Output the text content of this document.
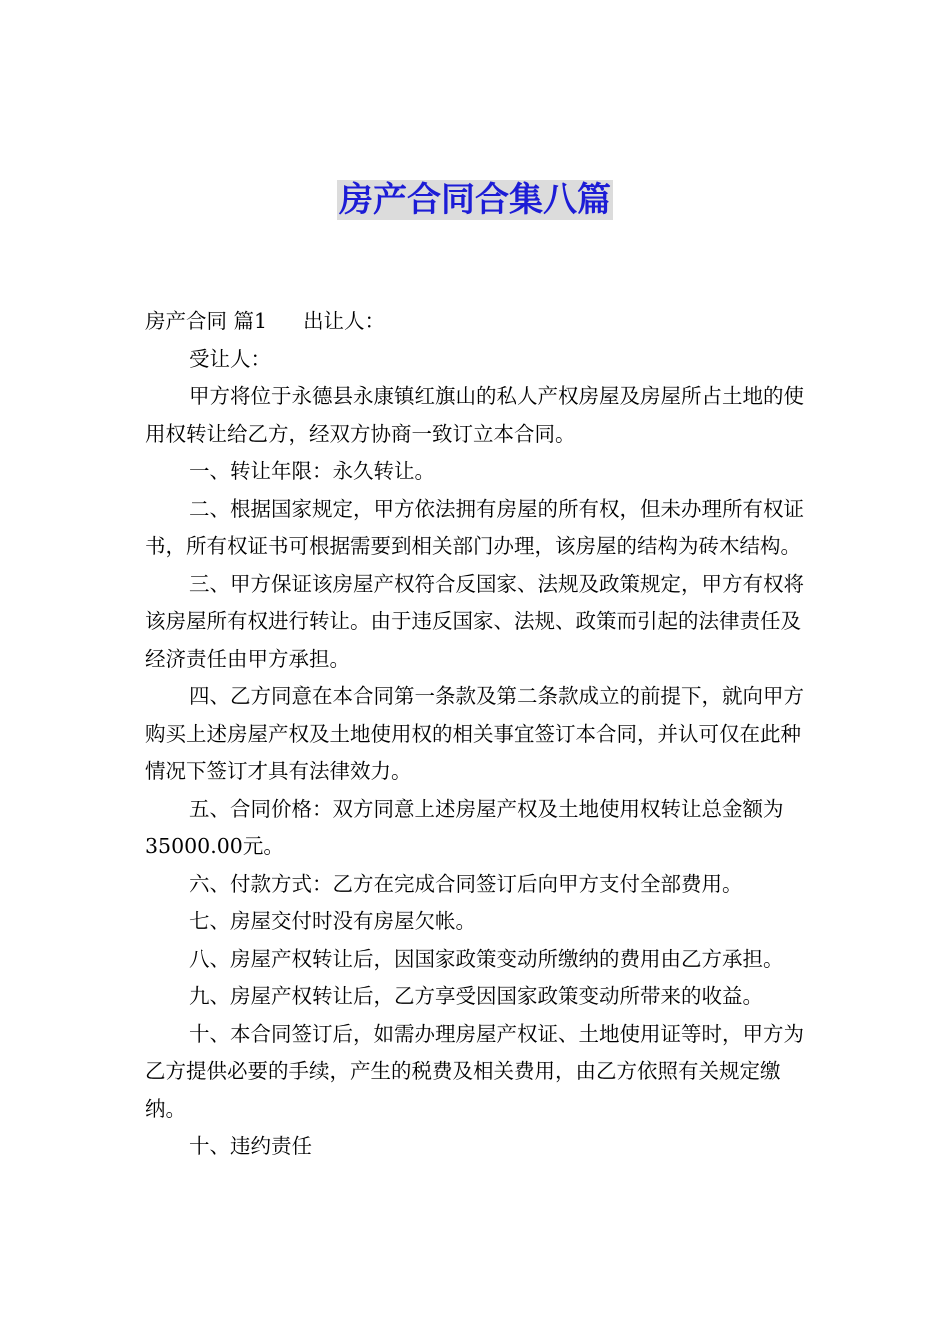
房产合同合集八篇

房产合同 篇1 出让人：

受让人：

甲方将位于永德县永康镇红旗山的私人产权房屋及房屋所占土地的使用权转让给乙方，经双方协商一致订立本合同。

一、转让年限：永久转让。

二、根据国家规定，甲方依法拥有房屋的所有权，但未办理所有权证书，所有权证书可根据需要到相关部门办理，该房屋的结构为砖木结构。

三、甲方保证该房屋产权符合反国家、法规及政策规定，甲方有权将该房屋所有权进行转让。由于违反国家、法规、政策而引起的法律责任及经济责任由甲方承担。

四、乙方同意在本合同第一条款及第二条款成立的前提下，就向甲方购买上述房屋产权及土地使用权的相关事宜签订本合同，并认可仅在此种情况下签订才具有法律效力。

五、合同价格：双方同意上述房屋产权及土地使用权转让总金额为35000.00元。

六、付款方式：乙方在完成合同签订后向甲方支付全部费用。

七、房屋交付时没有房屋欠帐。

八、房屋产权转让后，因国家政策变动所缴纳的费用由乙方承担。

九、房屋产权转让后，乙方享受因国家政策变动所带来的收益。

十、本合同签订后，如需办理房屋产权证、土地使用证等时，甲方为乙方提供必要的手续，产生的税费及相关费用，由乙方依照有关规定缴纳。

十、违约责任
